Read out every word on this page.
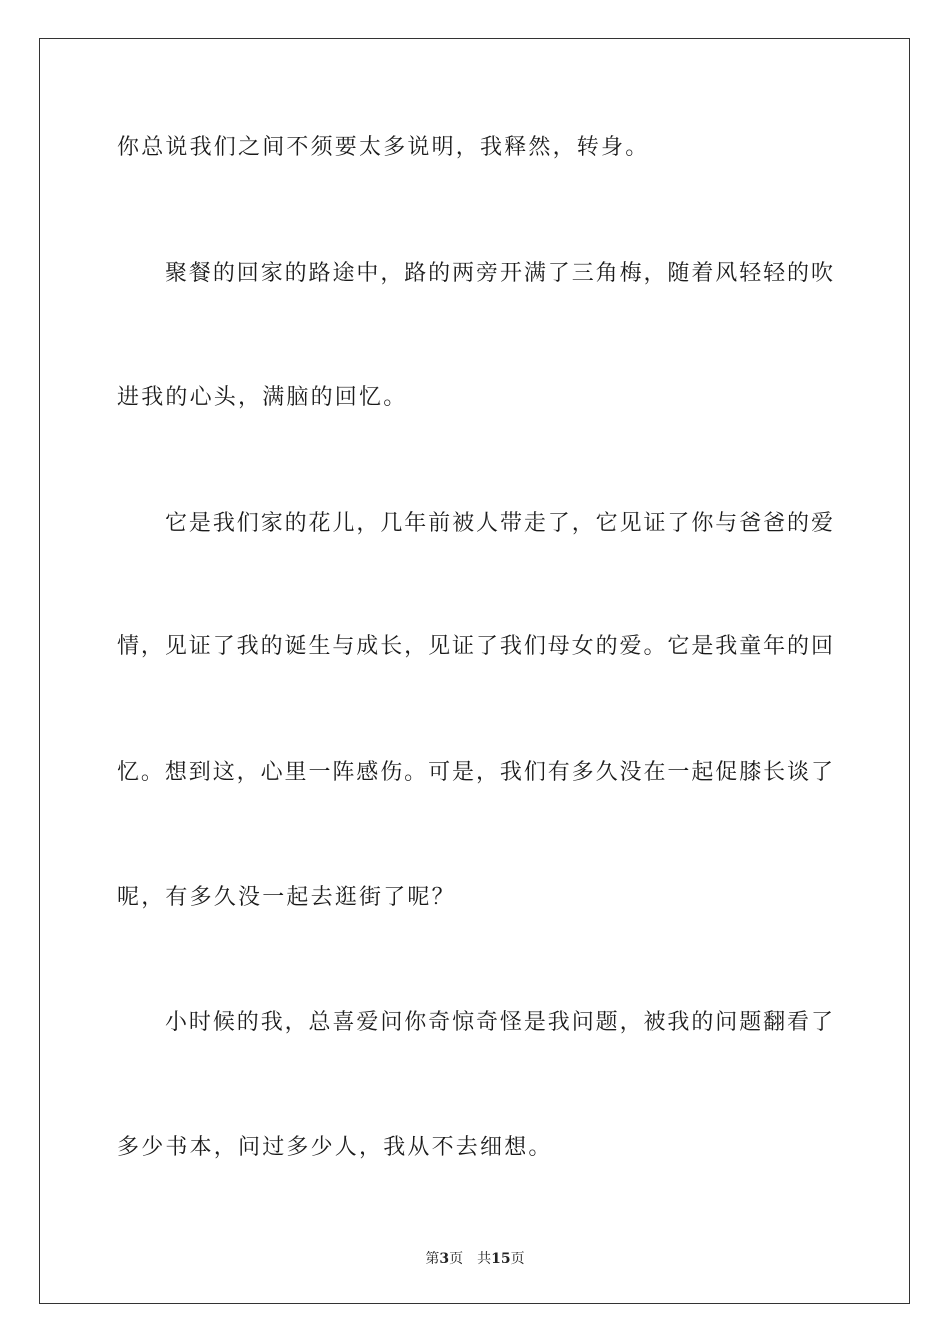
你总说我们之间不须要太多说明，我释然，转身。
聚餐的回家的路途中，路的两旁开满了三角梅，随着风轻轻的吹
进我的心头，满脑的回忆。
它是我们家的花儿，几年前被人带走了，它见证了你与爸爸的爱
情，见证了我的诞生与成长，见证了我们母女的爱。它是我童年的回
忆。想到这，心里一阵感伤。可是，我们有多久没在一起促膝长谈了
呢，有多久没一起去逛街了呢？
小时候的我，总喜爱问你奇惊奇怪是我问题，被我的问题翻看了
多少书本，问过多少人，我从不去细想。
第3页 共15页
